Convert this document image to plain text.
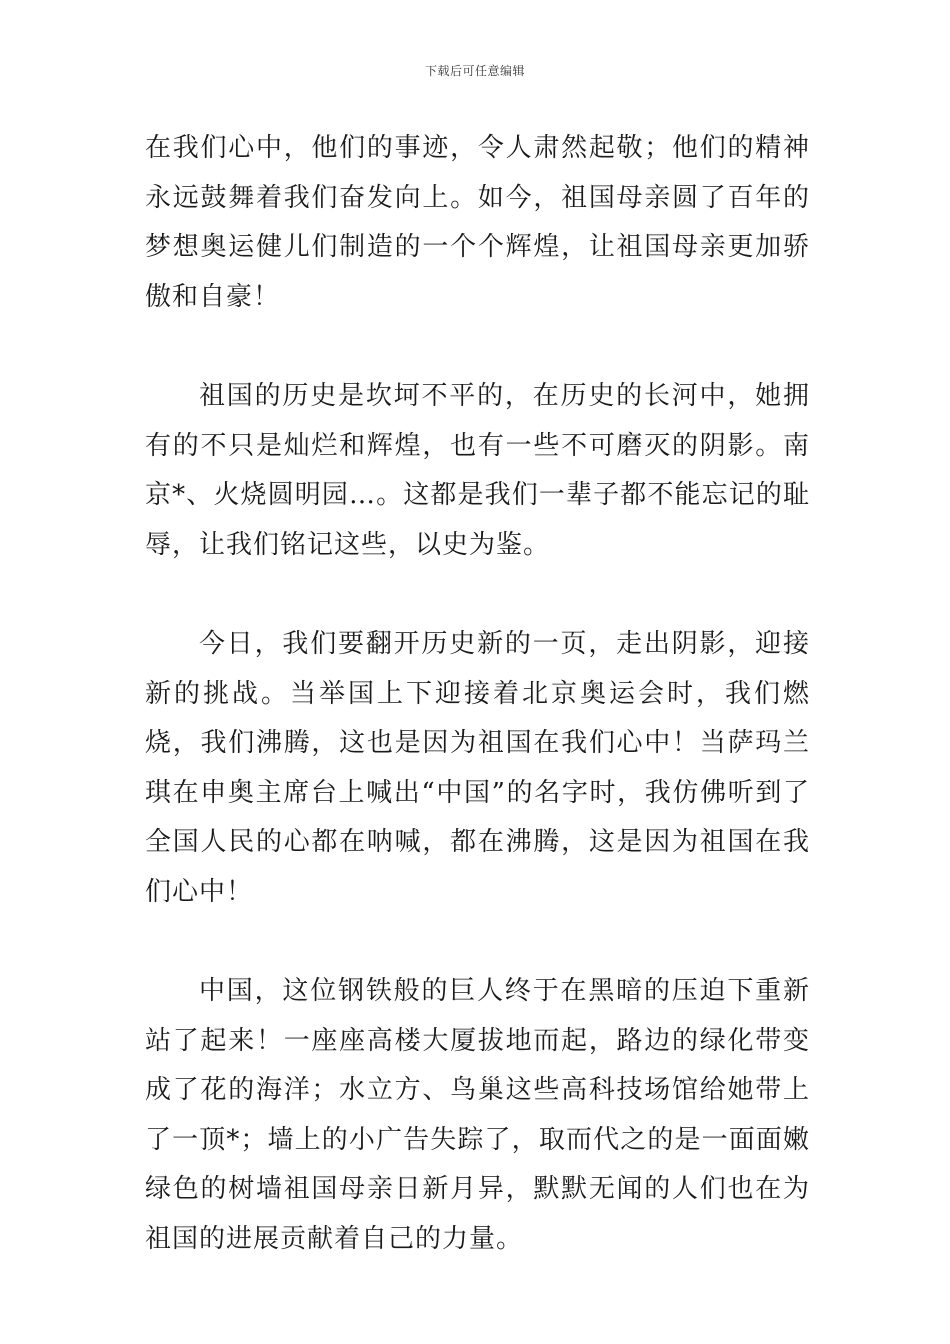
下载后可任意编辑

在我们心中，他们的事迹，令人肃然起敬；他们的精神永远鼓舞着我们奋发向上。如今，祖国母亲圆了百年的梦想奥运健儿们制造的一个个辉煌，让祖国母亲更加骄傲和自豪！

祖国的历史是坎坷不平的，在历史的长河中，她拥有的不只是灿烂和辉煌，也有一些不可磨灭的阴影。南京*、火烧圆明园…。这都是我们一辈子都不能忘记的耻辱，让我们铭记这些，以史为鉴。

今日，我们要翻开历史新的一页，走出阴影，迎接新的挑战。当举国上下迎接着北京奥运会时，我们燃烧，我们沸腾，这也是因为祖国在我们心中！当萨玛兰琪在申奥主席台上喊出“中国”的名字时，我仿佛听到了全国人民的心都在呐喊，都在沸腾，这是因为祖国在我们心中！

中国，这位钢铁般的巨人终于在黑暗的压迫下重新站了起来！一座座高楼大厦拔地而起，路边的绿化带变成了花的海洋；水立方、鸟巢这些高科技场馆给她带上了一顶*；墙上的小广告失踪了，取而代之的是一面面嫩绿色的树墙祖国母亲日新月异，默默无闻的人们也在为祖国的进展贡献着自己的力量。
